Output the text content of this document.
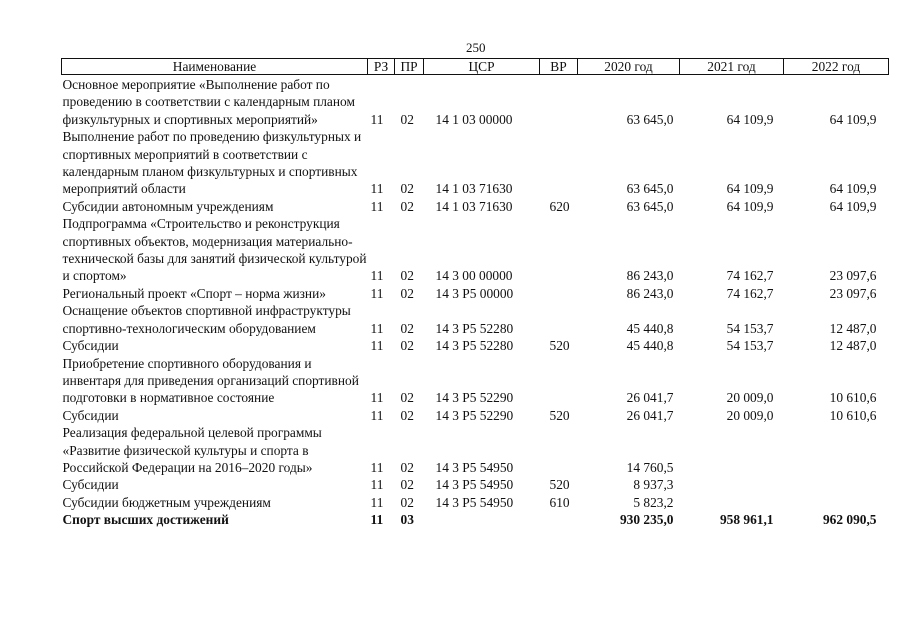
250
Наименование	РЗ	ПР	ЦСР	ВР	2020 год	2021 год	2022 год
Основное мероприятие «Выполнение работ по проведению в соответствии с календарным планом физкультурных и спортивных мероприятий»	11	02	14 1 03 00000		63 645,0	64 109,9	64 109,9
Выполнение работ по проведению физкультурных и спортивных мероприятий в соответствии с календарным планом физкультурных и спортивных мероприятий области	11	02	14 1 03 71630		63 645,0	64 109,9	64 109,9
Субсидии автономным учреждениям	11	02	14 1 03 71630	620	63 645,0	64 109,9	64 109,9
Подпрограмма «Строительство и реконструкция спортивных объектов, модернизация материально-технической базы для занятий физической культурой и спортом»	11	02	14 3 00 00000		86 243,0	74 162,7	23 097,6
Региональный проект «Спорт – норма жизни»	11	02	14 3 P5 00000		86 243,0	74 162,7	23 097,6
Оснащение объектов спортивной инфраструктуры спортивно-технологическим оборудованием	11	02	14 3 P5 52280		45 440,8	54 153,7	12 487,0
Субсидии	11	02	14 3 P5 52280	520	45 440,8	54 153,7	12 487,0
Приобретение спортивного оборудования и инвентаря для приведения организаций спортивной подготовки в нормативное состояние	11	02	14 3 P5 52290		26 041,7	20 009,0	10 610,6
Субсидии	11	02	14 3 P5 52290	520	26 041,7	20 009,0	10 610,6
Реализация федеральной целевой программы «Развитие физической культуры и спорта в Российской Федерации на 2016–2020 годы»	11	02	14 3 P5 54950		14 760,5		
Субсидии	11	02	14 3 P5 54950	520	8 937,3		
Субсидии бюджетным учреждениям	11	02	14 3 P5 54950	610	5 823,2		
Спорт высших достижений	11	03			930 235,0	958 961,1	962 090,5
